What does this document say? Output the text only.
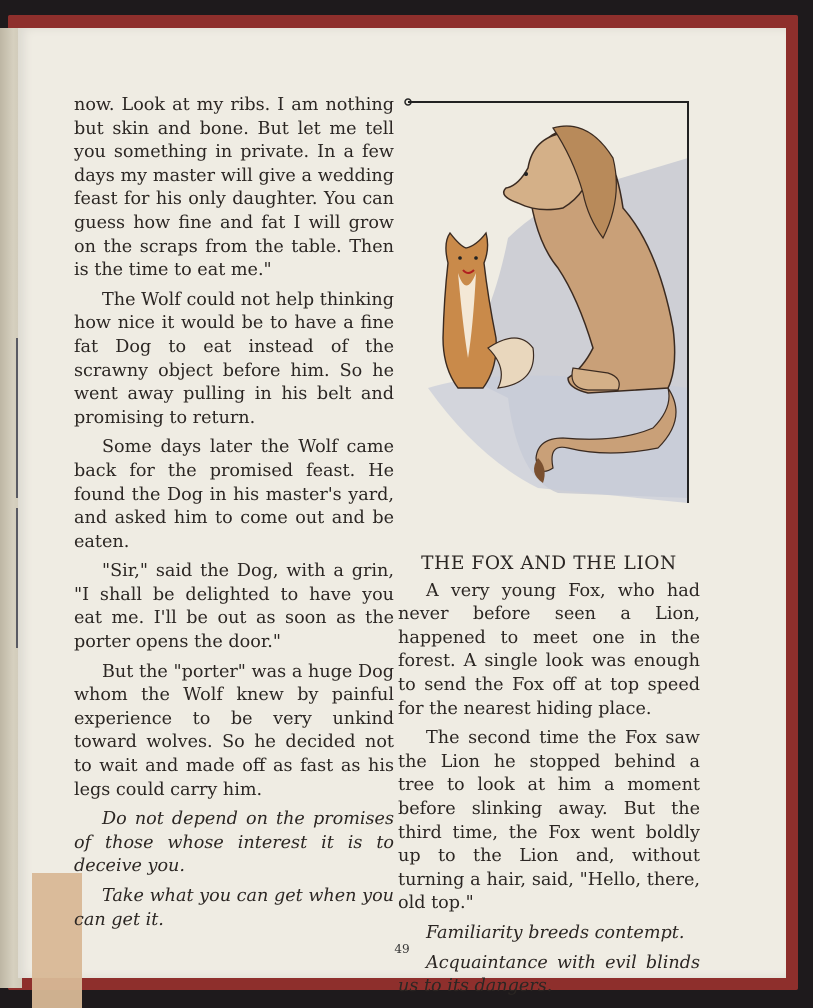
now. Look at my ribs. I am nothing but skin and bone. But let me tell you something in private. In a few days my master will give a wedding feast for his only daughter. You can guess how fine and fat I will grow on the scraps from the table. Then is the time to eat me."

The Wolf could not help thinking how nice it would be to have a fine fat Dog to eat instead of the scrawny object before him. So he went away pulling in his belt and promising to return.

Some days later the Wolf came back for the promised feast. He found the Dog in his master's yard, and asked him to come out and be eaten.

"Sir," said the Dog, with a grin, "I shall be delighted to have you eat me. I'll be out as soon as the porter opens the door."

But the "porter" was a huge Dog whom the Wolf knew by painful experience to be very unkind toward wolves. So he decided not to wait and made off as fast as his legs could carry him.

Do not depend on the promises of those whose interest it is to deceive you.

Take what you can get when you can get it.

THE FOX AND THE LION

A very young Fox, who had never before seen a Lion, happened to meet one in the forest. A single look was enough to send the Fox off at top speed for the nearest hiding place.

The second time the Fox saw the Lion he stopped behind a tree to look at him a moment before slinking away. But the third time, the Fox went boldly up to the Lion and, without turning a hair, said, "Hello, there, old top."

Familiarity breeds contempt.

Acquaintance with evil blinds us to its dangers.

49
